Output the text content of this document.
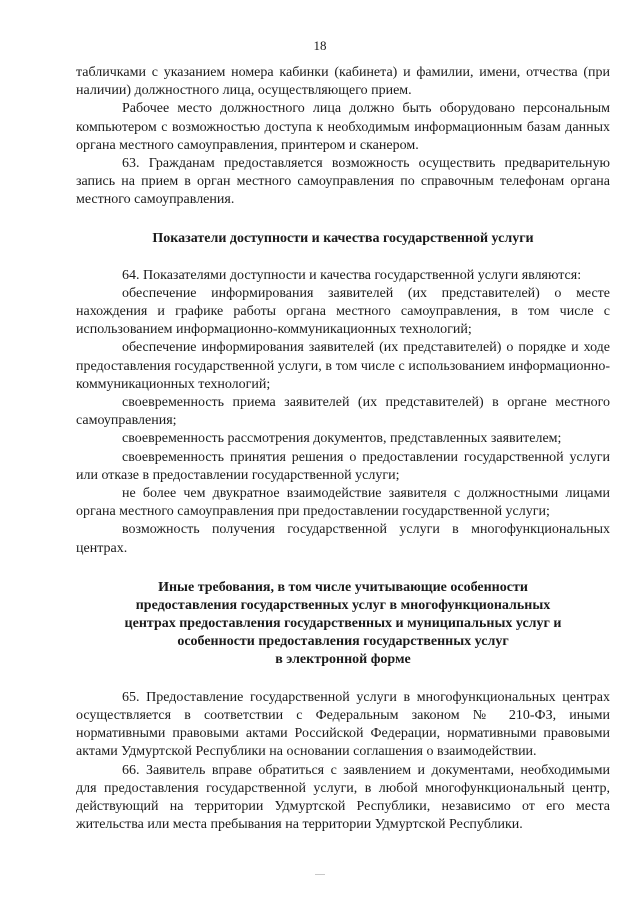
18

табличками с указанием номера кабинки (кабинета) и фамилии, имени, отчества (при наличии) должностного лица, осуществляющего прием.

Рабочее место должностного лица должно быть оборудовано персональным компьютером с возможностью доступа к необходимым информационным базам данных органа местного самоуправления, принтером и сканером.

63. Гражданам предоставляется возможность осуществить предварительную запись на прием в орган местного самоуправления по справочным телефонам органа местного самоуправления.

Показатели доступности и качества государственной услуги

64. Показателями доступности и качества государственной услуги являются:

обеспечение информирования заявителей (их представителей) о месте нахождения и графике работы органа местного самоуправления, в том числе с использованием информационно-коммуникационных технологий;

обеспечение информирования заявителей (их представителей) о порядке и ходе предоставления государственной услуги, в том числе с использованием информационно-коммуникационных технологий;

своевременность приема заявителей (их представителей) в органе местного самоуправления;

своевременность рассмотрения документов, представленных заявителем;

своевременность принятия решения о предоставлении государственной услуги или отказе в предоставлении государственной услуги;

не более чем двукратное взаимодействие заявителя с должностными лицами органа местного самоуправления при предоставлении государственной услуги;

возможность получения государственной услуги в многофункциональных центрах.

Иные требования, в том числе учитывающие особенности
предоставления государственных услуг в многофункциональных
центрах предоставления государственных и муниципальных услуг и
особенности предоставления государственных услуг
в электронной форме

65. Предоставление государственной услуги в многофункциональных центрах осуществляется в соответствии с Федеральным законом № 210-ФЗ, иными нормативными правовыми актами Российской Федерации, нормативными правовыми актами Удмуртской Республики на основании соглашения о взаимодействии.

66. Заявитель вправе обратиться с заявлением и документами, необходимыми для предоставления государственной услуги, в любой многофункциональный центр, действующий на территории Удмуртской Республики, независимо от его места жительства или места пребывания на территории Удмуртской Республики.
